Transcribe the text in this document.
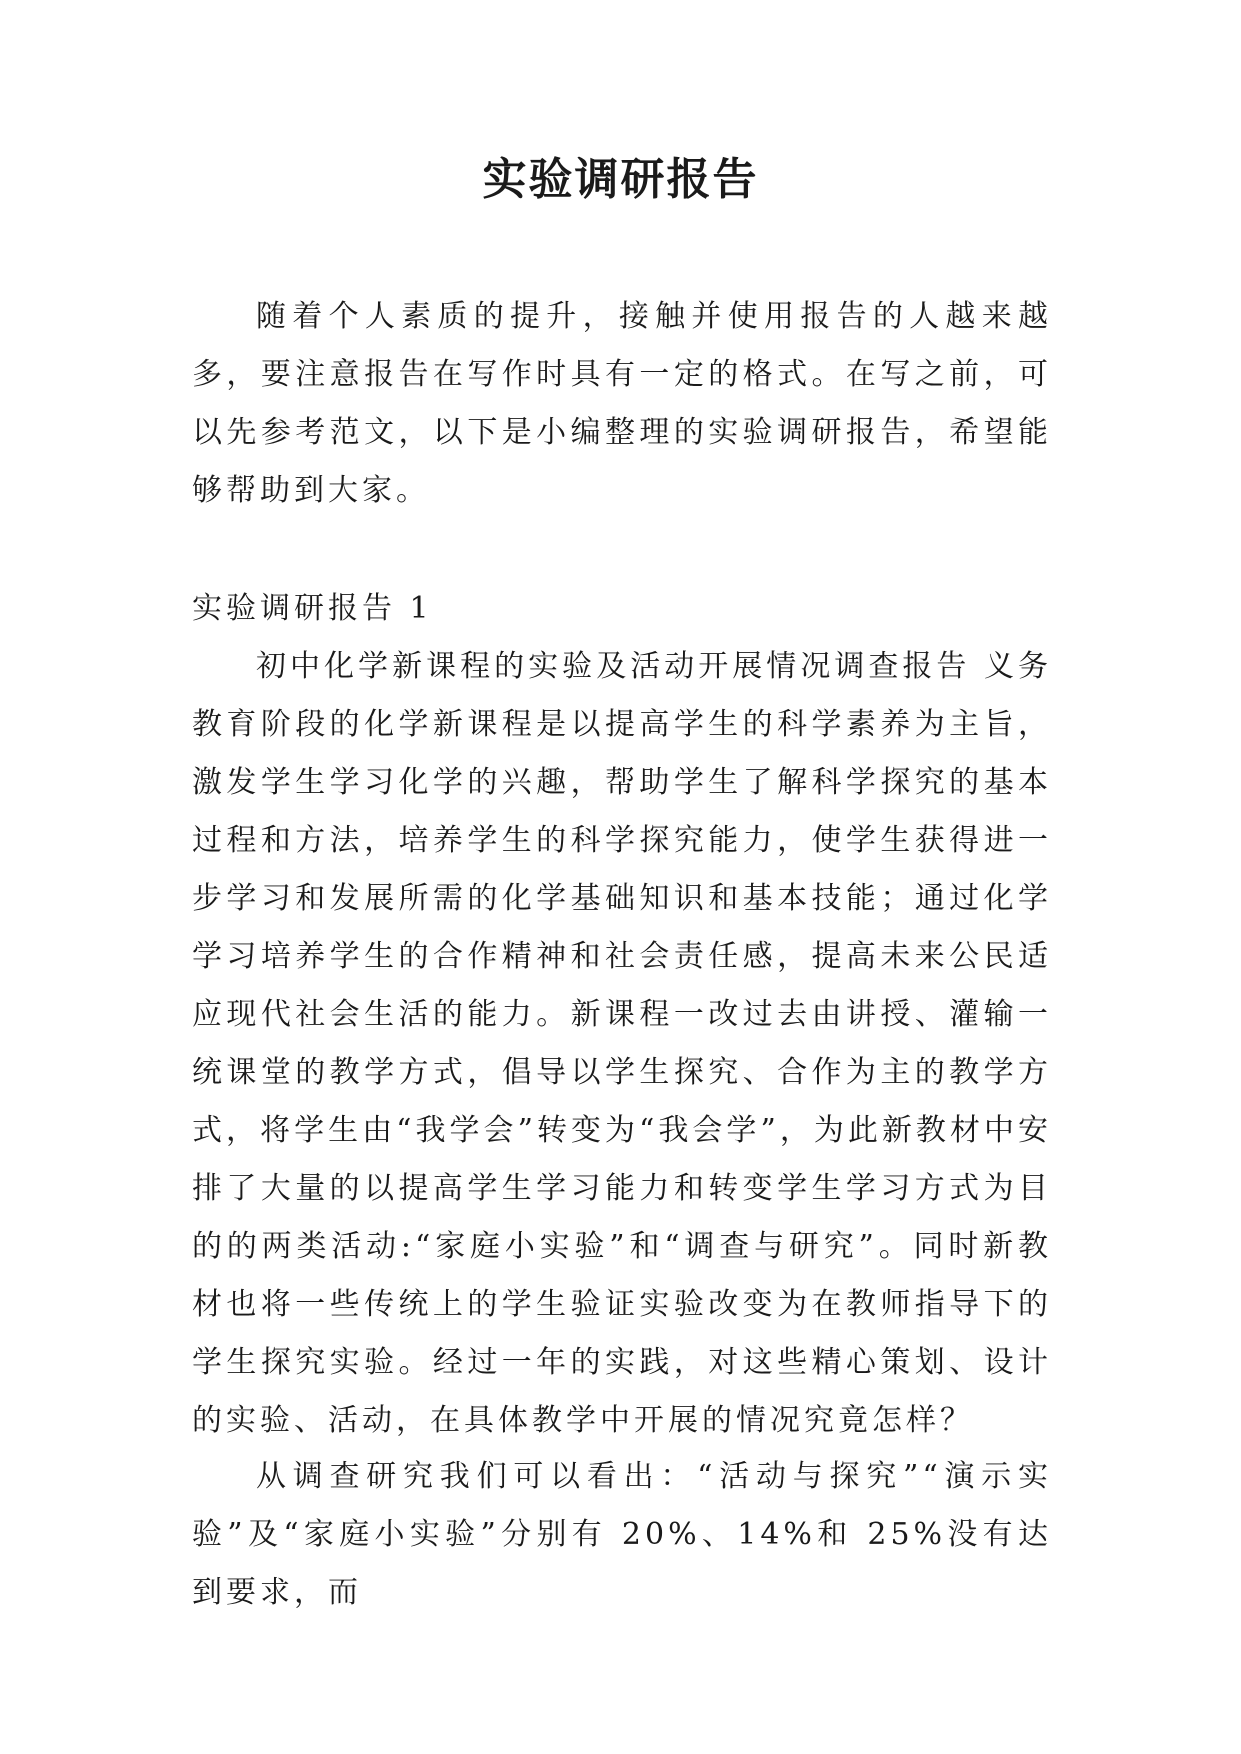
实验调研报告

随着个人素质的提升，接触并使用报告的人越来越多，要注意报告在写作时具有一定的格式。在写之前，可以先参考范文，以下是小编整理的实验调研报告，希望能够帮助到大家。

实验调研报告 1

初中化学新课程的实验及活动开展情况调查报告 义务教育阶段的化学新课程是以提高学生的科学素养为主旨，激发学生学习化学的兴趣，帮助学生了解科学探究的基本过程和方法，培养学生的科学探究能力，使学生获得进一步学习和发展所需的化学基础知识和基本技能；通过化学学习培养学生的合作精神和社会责任感，提高未来公民适应现代社会生活的能力。新课程一改过去由讲授、灌输一统课堂的教学方式，倡导以学生探究、合作为主的教学方式，将学生由“我学会”转变为“我会学”，为此新教材中安排了大量的以提高学生学习能力和转变学生学习方式为目的的两类活动:“家庭小实验”和“调查与研究”。同时新教材也将一些传统上的学生验证实验改变为在教师指导下的学生探究实验。经过一年的实践，对这些精心策划、设计的实验、活动，在具体教学中开展的情况究竟怎样？

从调查研究我们可以看出：“活动与探究”“演示实验”及“家庭小实验”分别有 20%、14%和 25%没有达到要求，而
